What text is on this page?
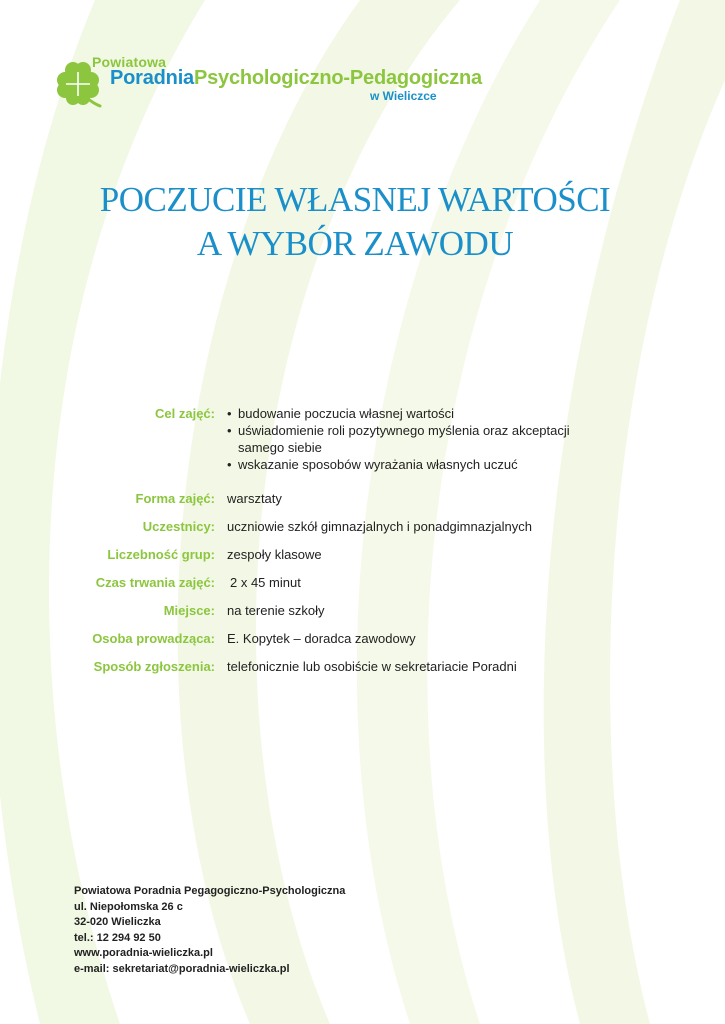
Powiatowa
PoradniaPsychologiczno-Pedagogiczna
w Wieliczce
POCZUCIE WŁASNEJ WARTOŚCI
A WYBÓR ZAWODU
Cel zajęć:
•	budowanie poczucia własnej wartości
• uświadomienie roli pozytywnego myślenia oraz akceptacji samego siebie
• wskazanie sposobów wyrażania własnych uczuć
Forma zajęć: warsztaty
Uczestnicy: uczniowie szkół gimnazjalnych i ponadgimnazjalnych
Liczebność grup: zespoły klasowe
Czas trwania zajęć: 2 x 45 minut
Miejsce: na terenie szkoły
Osoba prowadząca: E. Kopytek – doradca zawodowy
Sposób zgłoszenia: telefonicznie lub osobiście w sekretariacie Poradni
Powiatowa Poradnia Pegagogiczno-Psychologiczna
ul. Niepołomska 26 c
32-020 Wieliczka
tel.: 12 294 92 50
www.poradnia-wieliczka.pl
e-mail: sekretariat@poradnia-wieliczka.pl
